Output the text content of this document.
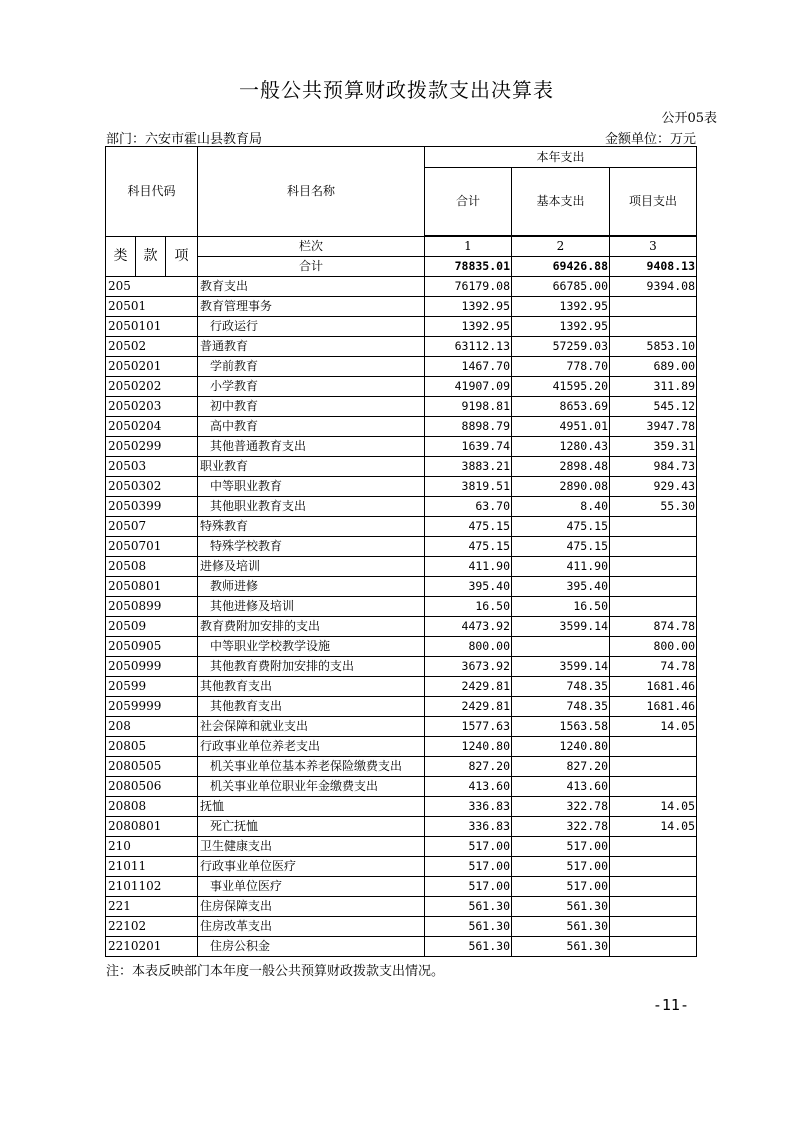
一般公共预算财政拨款支出决算表
公开05表
部门：六安市霍山县教育局	金额单位：万元
科目代码			科目名称	本年支出		
				合计	基本支出	项目支出

类	款	项	栏次	1	2	3
			合计	78835.01	69426.88	9408.13
205			教育支出	76179.08	66785.00	9394.08
20501			教育管理事务	1392.95	1392.95	
2050101			行政运行	1392.95	1392.95	
20502			普通教育	63112.13	57259.03	5853.10
2050201			学前教育	1467.70	778.70	689.00
2050202			小学教育	41907.09	41595.20	311.89
2050203			初中教育	9198.81	8653.69	545.12
2050204			高中教育	8898.79	4951.01	3947.78
2050299			其他普通教育支出	1639.74	1280.43	359.31
20503			职业教育	3883.21	2898.48	984.73
2050302			中等职业教育	3819.51	2890.08	929.43
2050399			其他职业教育支出	63.70	8.40	55.30
20507			特殊教育	475.15	475.15	
2050701			特殊学校教育	475.15	475.15	
20508			进修及培训	411.90	411.90	
2050801			教师进修	395.40	395.40	
2050899			其他进修及培训	16.50	16.50	
20509			教育费附加安排的支出	4473.92	3599.14	874.78
2050905			中等职业学校教学设施	800.00		800.00
2050999			其他教育费附加安排的支出	3673.92	3599.14	74.78
20599			其他教育支出	2429.81	748.35	1681.46
2059999			其他教育支出	2429.81	748.35	1681.46
208			社会保障和就业支出	1577.63	1563.58	14.05
20805			行政事业单位养老支出	1240.80	1240.80	
2080505			机关事业单位基本养老保险缴费支出	827.20	827.20	
2080506			机关事业单位职业年金缴费支出	413.60	413.60	
20808			抚恤	336.83	322.78	14.05
2080801			死亡抚恤	336.83	322.78	14.05
210			卫生健康支出	517.00	517.00	
21011			行政事业单位医疗	517.00	517.00	
2101102			事业单位医疗	517.00	517.00	
221			住房保障支出	561.30	561.30	
22102			住房改革支出	561.30	561.30	
2210201			住房公积金	561.30	561.30	
注：本表反映部门本年度一般公共预算财政拨款支出情况。
-11-
